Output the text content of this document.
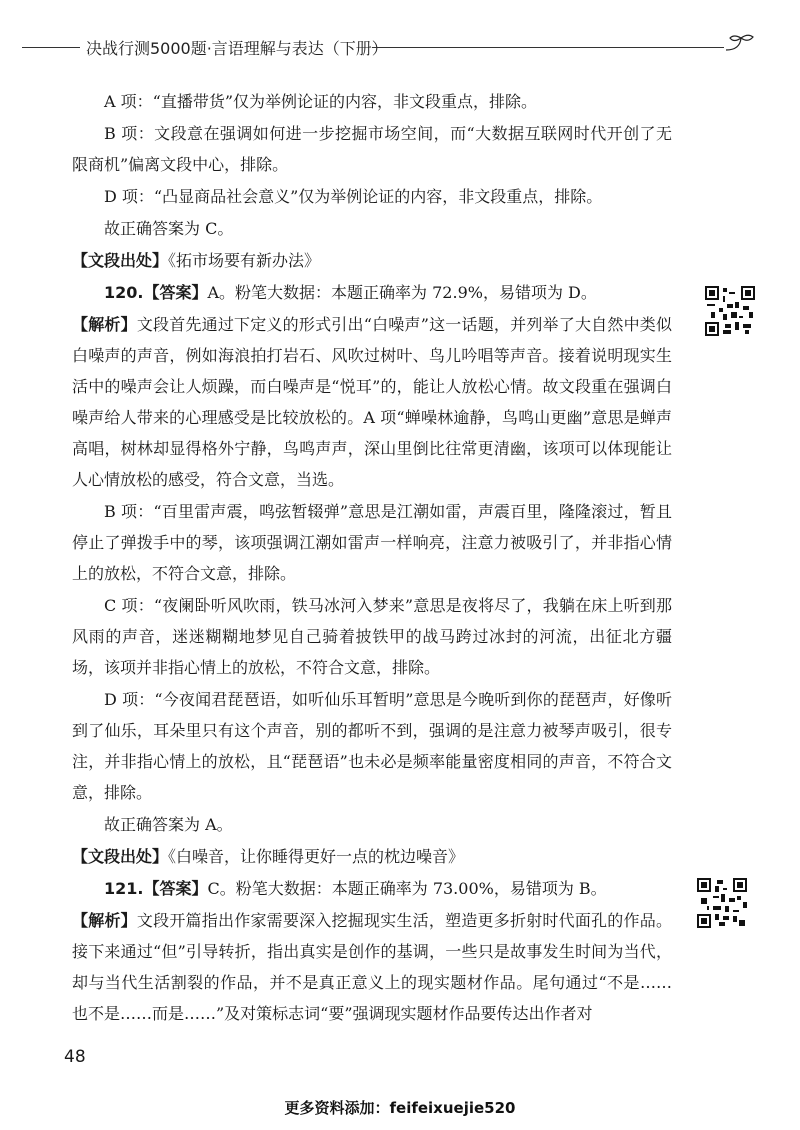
决战行测5000题·言语理解与表达（下册）

A 项：“直播带货”仅为举例论证的内容，非文段重点，排除。

B 项：文段意在强调如何进一步挖掘市场空间，而“大数据互联网时代开创了无限商机”偏离文段中心，排除。

D 项：“凸显商品社会意义”仅为举例论证的内容，非文段重点，排除。

故正确答案为 C。

【文段出处】《拓市场要有新办法》

120.【答案】A。粉笔大数据：本题正确率为 72.9%，易错项为 D。

【解析】文段首先通过下定义的形式引出“白噪声”这一话题，并列举了大自然中类似白噪声的声音，例如海浪拍打岩石、风吹过树叶、鸟儿吟唱等声音。接着说明现实生活中的噪声会让人烦躁，而白噪声是“悦耳”的，能让人放松心情。故文段重在强调白噪声给人带来的心理感受是比较放松的。A 项“蝉噪林逾静，鸟鸣山更幽”意思是蝉声高唱，树林却显得格外宁静，鸟鸣声声，深山里倒比往常更清幽，该项可以体现能让人心情放松的感受，符合文意，当选。

B 项：“百里雷声震，鸣弦暂辍弹”意思是江潮如雷，声震百里，隆隆滚过，暂且停止了弹拨手中的琴，该项强调江潮如雷声一样响亮，注意力被吸引了，并非指心情上的放松，不符合文意，排除。

C 项：“夜阑卧听风吹雨，铁马冰河入梦来”意思是夜将尽了，我躺在床上听到那风雨的声音，迷迷糊糊地梦见自己骑着披铁甲的战马跨过冰封的河流，出征北方疆场，该项并非指心情上的放松，不符合文意，排除。

D 项：“今夜闻君琵琶语，如听仙乐耳暂明”意思是今晚听到你的琵琶声，好像听到了仙乐，耳朵里只有这个声音，别的都听不到，强调的是注意力被琴声吸引，很专注，并非指心情上的放松，且“琵琶语”也未必是频率能量密度相同的声音，不符合文意，排除。

故正确答案为 A。

【文段出处】《白噪音，让你睡得更好一点的枕边噪音》

121.【答案】C。粉笔大数据：本题正确率为 73.00%，易错项为 B。

【解析】文段开篇指出作家需要深入挖掘现实生活，塑造更多折射时代面孔的作品。接下来通过“但”引导转折，指出真实是创作的基调，一些只是故事发生时间为当代，却与当代生活割裂的作品，并不是真正意义上的现实题材作品。尾句通过“不是……也不是……而是……”及对策标志词“要”强调现实题材作品要传达出作者对

48
更多资料添加：feifeixuejie520
